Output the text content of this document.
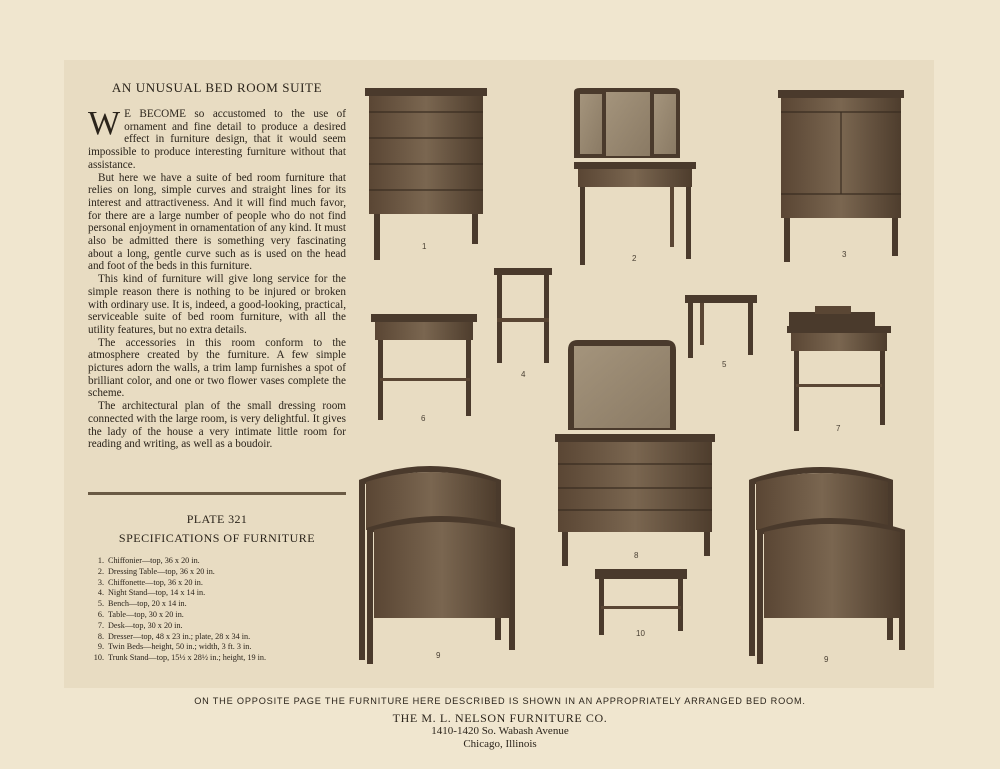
AN UNUSUAL BED ROOM SUITE

W E BECOME so accustomed to the use of ornament and fine detail to produce a desired effect in furniture design, that it would seem impossible to produce interesting furniture without that assistance.

But here we have a suite of bed room furniture that relies on long, simple curves and straight lines for its interest and attractiveness. And it will find much favor, for there are a large number of people who do not find personal enjoyment in ornamentation of any kind. It must also be admitted there is something very fascinating about a long, gentle curve such as is used on the head and foot of the beds in this furniture.

This kind of furniture will give long service for the simple reason there is nothing to be injured or broken with ordinary use. It is, indeed, a good-looking, practical, serviceable suite of bed room furniture, with all the utility features, but no extra details.

The accessories in this room conform to the atmosphere created by the furniture. A few simple pictures adorn the walls, a trim lamp furnishes a spot of brilliant color, and one or two flower vases complete the scheme.

The architectural plan of the small dressing room connected with the large room, is very delightful. It gives the lady of the house a very intimate little room for reading and writing, as well as a boudoir.

PLATE 321
SPECIFICATIONS OF FURNITURE
1. Chiffonier—top, 36 x 20 in.
2. Dressing Table—top, 36 x 20 in.
3. Chiffonette—top, 36 x 20 in.
4. Night Stand—top, 14 x 14 in.
5. Bench—top, 20 x 14 in.
6. Table—top, 30 x 20 in.
7. Desk—top, 30 x 20 in.
8. Dresser—top, 48 x 23 in.; plate, 28 x 34 in.
9. Twin Beds—height, 50 in.; width, 3 ft. 3 in.
10. Trunk Stand—top, 15½ x 28½ in.; height, 19 in.
1
2	3
4
5
6
7
8
9
10
9
ON THE OPPOSITE PAGE THE FURNITURE HERE DESCRIBED IS SHOWN IN AN APPROPRIATELY ARRANGED BED ROOM.
THE M. L. NELSON FURNITURE CO.
1410-1420 So. Wabash Avenue
Chicago, Illinois
